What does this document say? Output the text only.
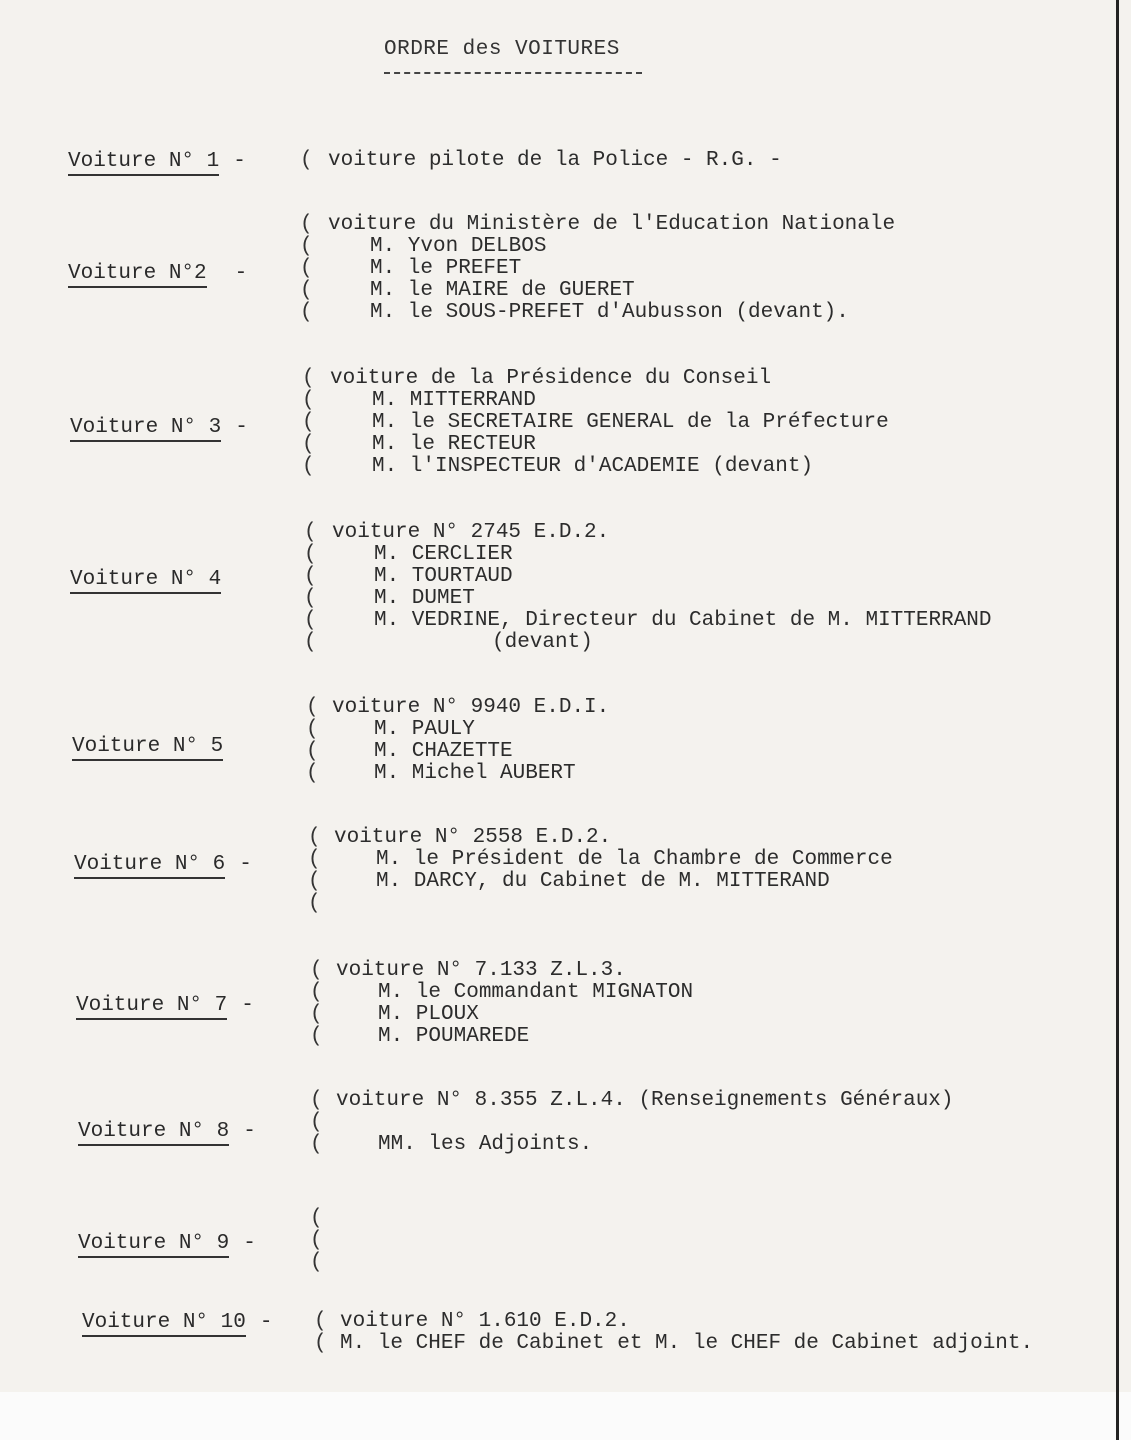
ORDRE des VOITURES
Voiture N° 1 -	( voiture pilote de la Police - R.G. -
Voiture N°2 -
(
(
(
(
(
voiture du Ministère de l'Education Nationale
M. Yvon DELBOS
M. le PREFET
M. le MAIRE de GUERET
M. le SOUS-PREFET d'Aubusson (devant).
Voiture N° 3 -
(
(
(
(
(
voiture de la Présidence du Conseil
M. MITTERRAND
M. le SECRETAIRE GENERAL de la Préfecture
M. le RECTEUR
M. l'INSPECTEUR d'ACADEMIE (devant)
Voiture N° 4
(
(
(
(
(
(
voiture N° 2745 E.D.2.
M. CERCLIER
M. TOURTAUD
M. DUMET
M. VEDRINE, Directeur du Cabinet de M. MITTERRAND
(devant)
Voiture N° 5
(
(
(
(
voiture N° 9940 E.D.I.
M. PAULY
M. CHAZETTE
M. Michel AUBERT
Voiture N° 6 -
(
(
(
(
voiture N° 2558 E.D.2.
M. le Président de la Chambre de Commerce
M. DARCY, du Cabinet de M. MITTERAND
Voiture N° 7 -
(
(
(
(
voiture N° 7.133 Z.L.3.
M. le Commandant MIGNATON
M. PLOUX
M. POUMAREDE
Voiture N° 8 -
(
(
(
voiture N° 8.355 Z.L.4. (Renseignements Généraux)

MM. les Adjoints.
Voiture N° 9 -
(
(
(
Voiture N° 10 - (
(
voiture N° 1.610 E.D.2.
M. le CHEF de Cabinet et M. le CHEF de Cabinet adjoint.
